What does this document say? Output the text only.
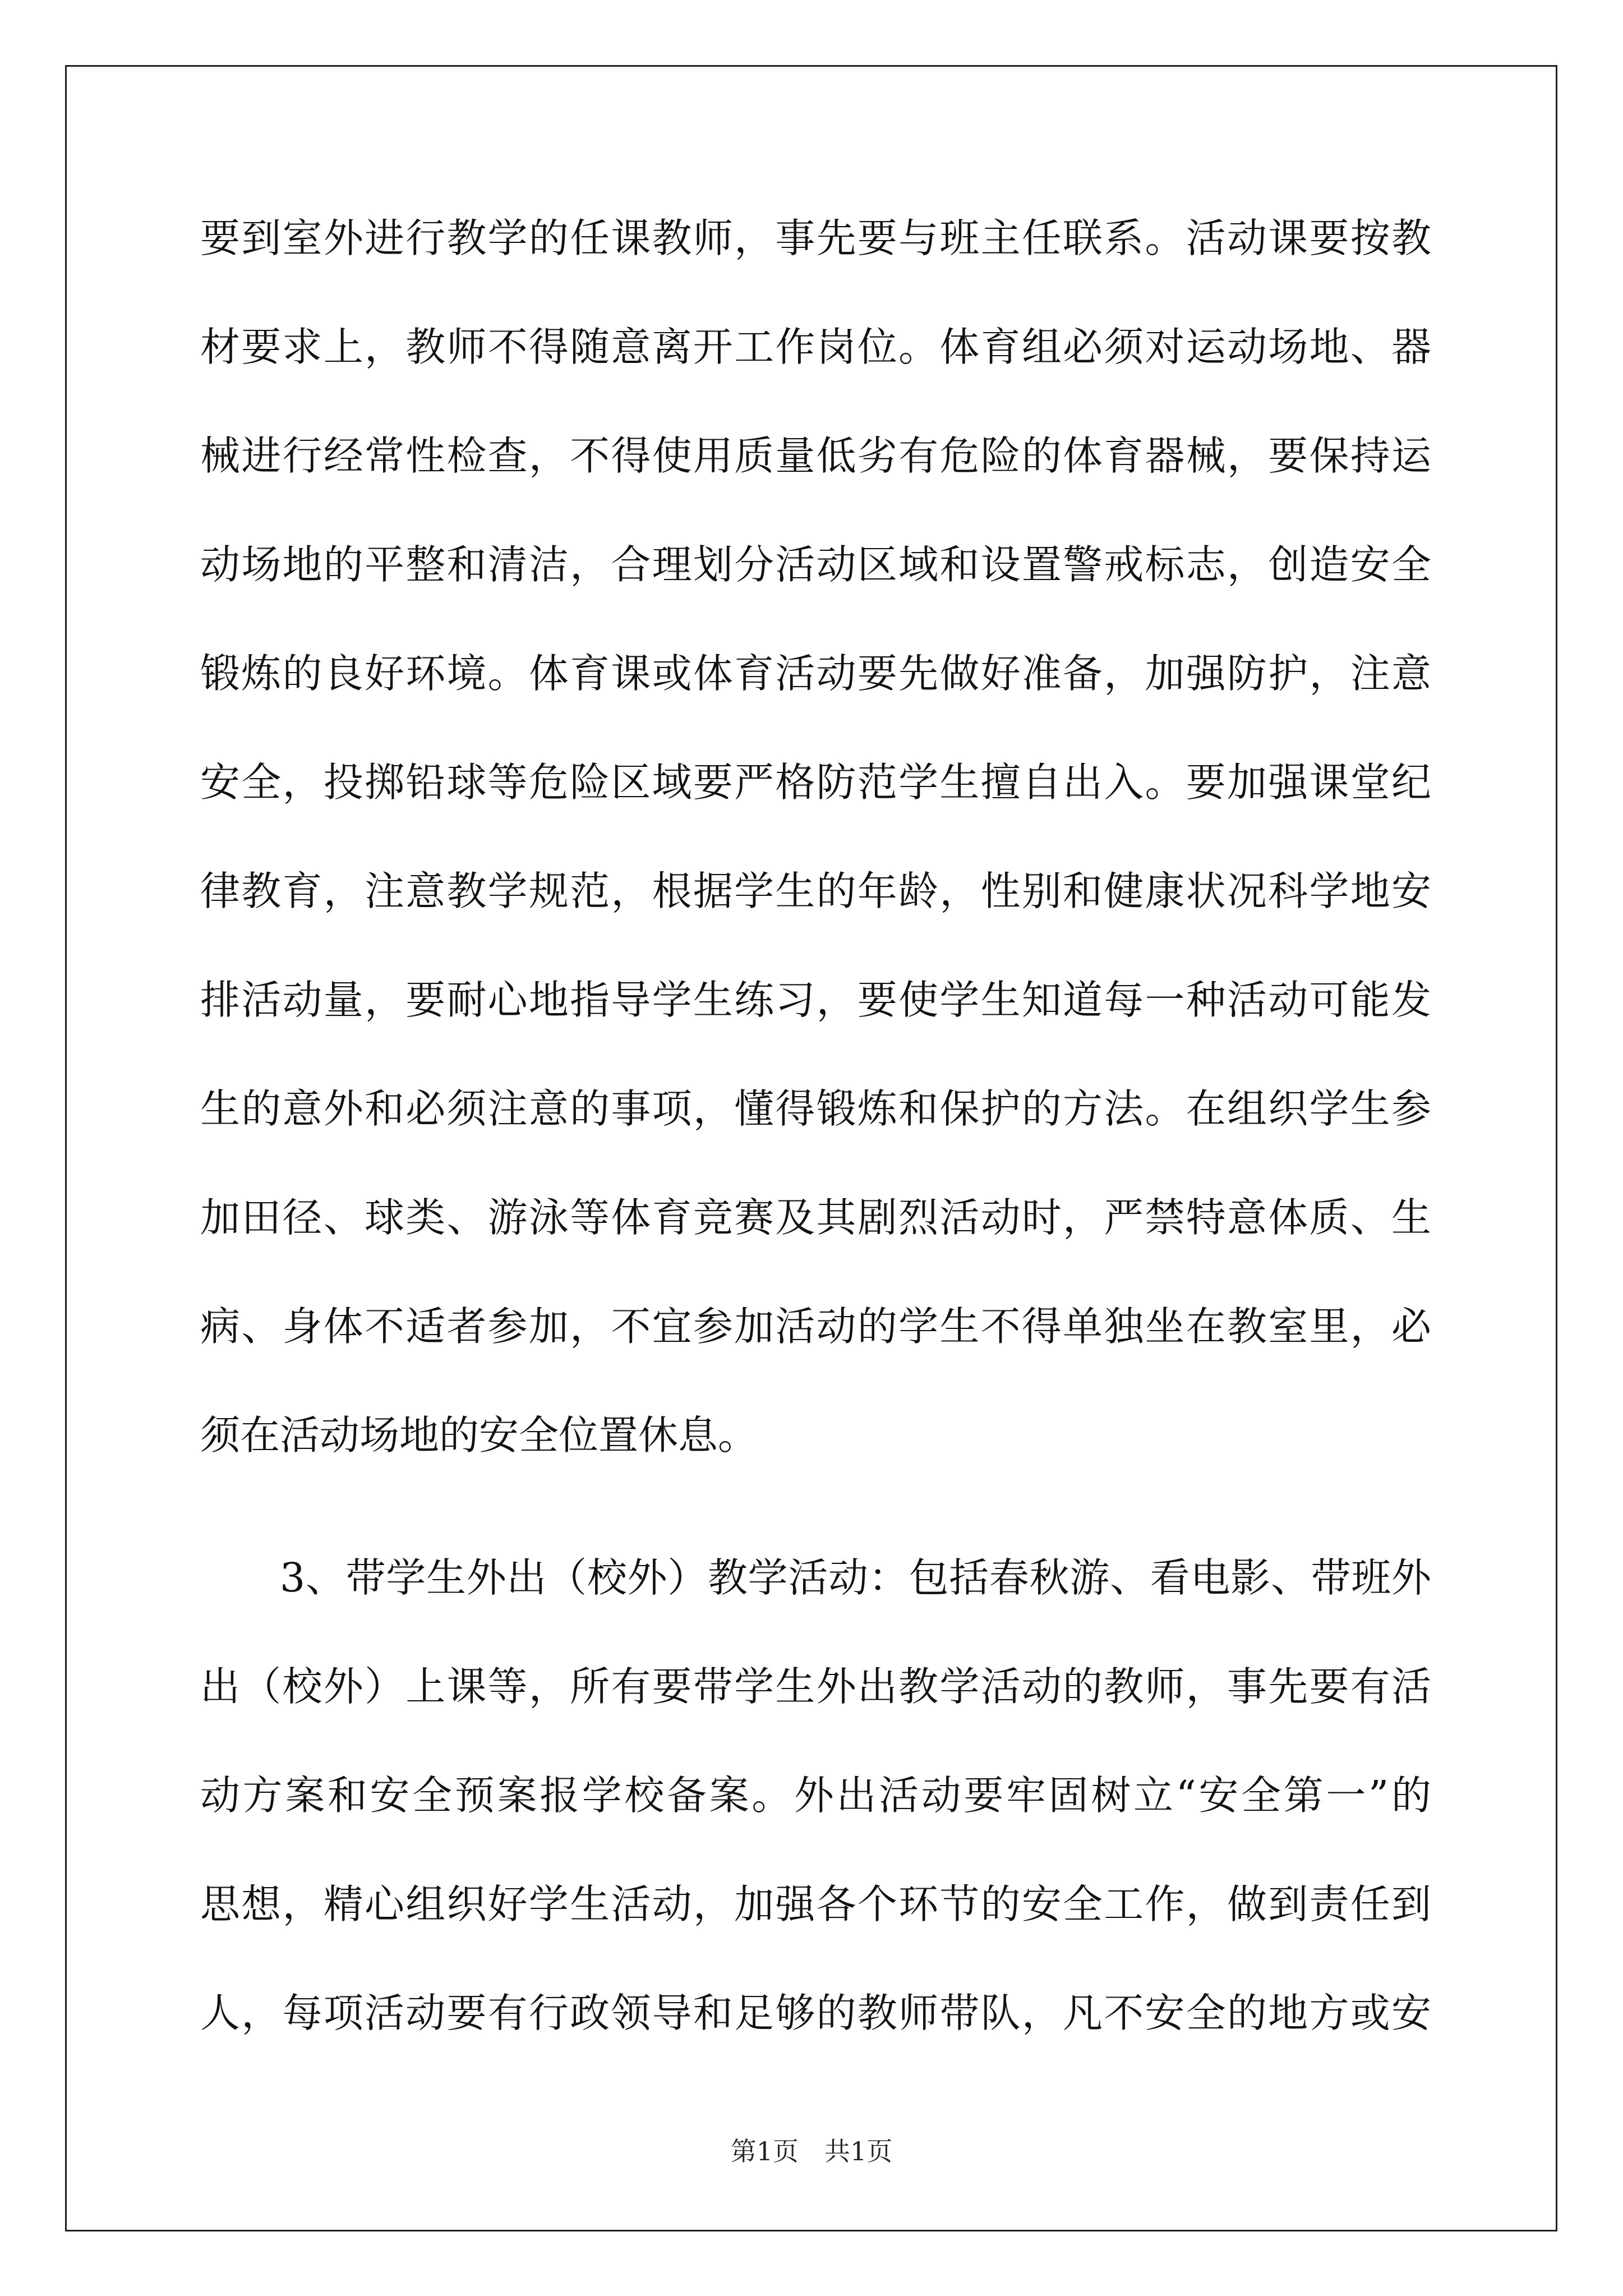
要到室外进行教学的任课教师，事先要与班主任联系。活动课要按教
材要求上，教师不得随意离开工作岗位。体育组必须对运动场地、器
械进行经常性检查，不得使用质量低劣有危险的体育器械，要保持运
动场地的平整和清洁，合理划分活动区域和设置警戒标志，创造安全
锻炼的良好环境。体育课或体育活动要先做好准备，加强防护，注意
安全，投掷铅球等危险区域要严格防范学生擅自出入。要加强课堂纪
律教育，注意教学规范，根据学生的年龄，性别和健康状况科学地安
排活动量，要耐心地指导学生练习，要使学生知道每一种活动可能发
生的意外和必须注意的事项，懂得锻炼和保护的方法。在组织学生参
加田径、球类、游泳等体育竞赛及其剧烈活动时，严禁特意体质、生
病、身体不适者参加，不宜参加活动的学生不得单独坐在教室里，必
须在活动场地的安全位置休息。
3、带学生外出（校外）教学活动：包括春秋游、看电影、带班外
出（校外）上课等，所有要带学生外出教学活动的教师，事先要有活
动方案和安全预案报学校备案。外出活动要牢固树立“安全第一”的
思想，精心组织好学生活动，加强各个环节的安全工作，做到责任到
人，每项活动要有行政领导和足够的教师带队，凡不安全的地方或安
第1页 共1页
